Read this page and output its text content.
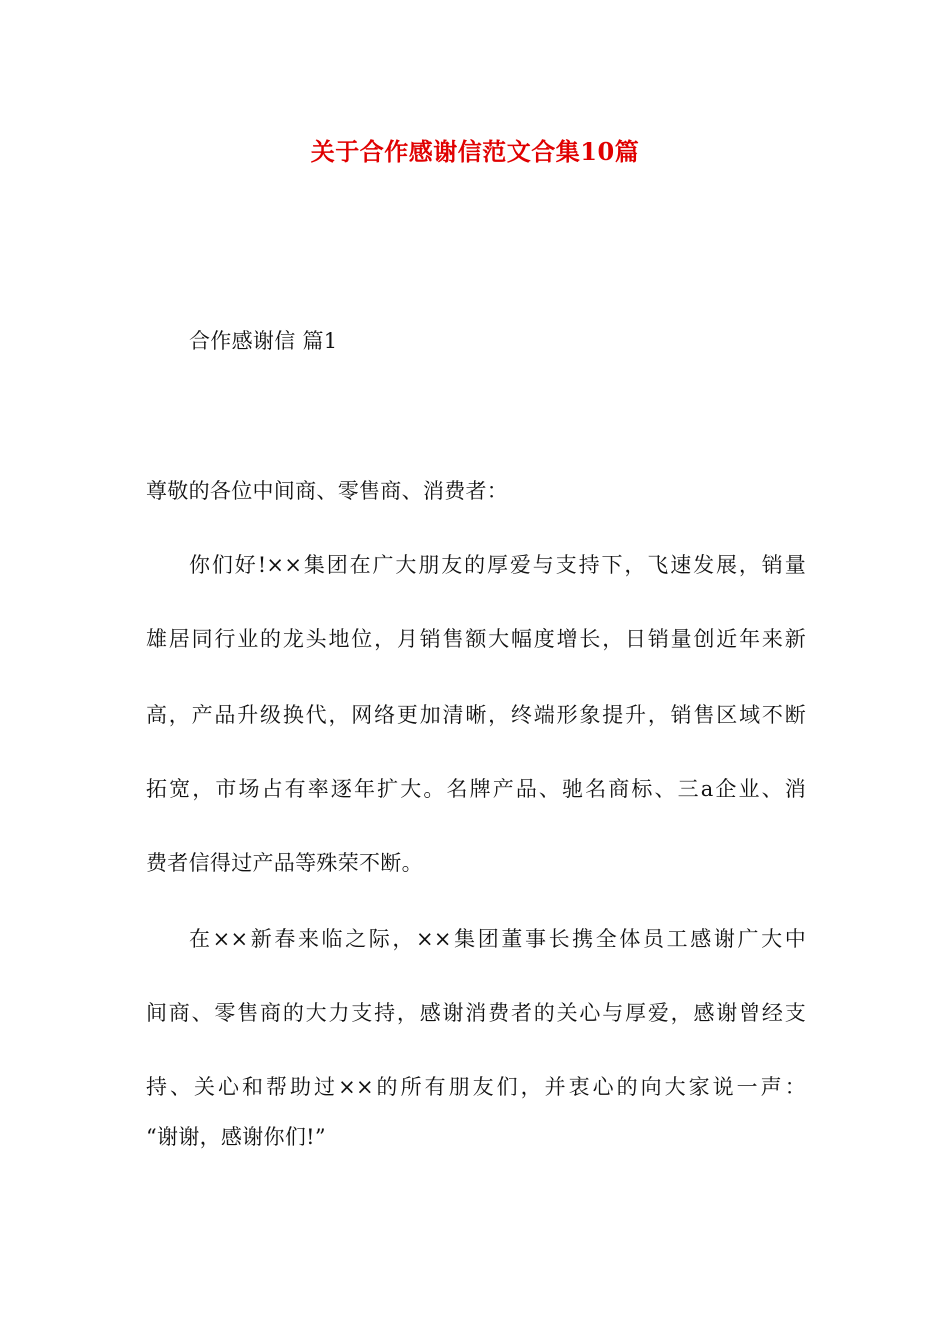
关于合作感谢信范文合集10篇
合作感谢信 篇1
尊敬的各位中间商、零售商、消费者：
你们好!××集团在广大朋友的厚爱与支持下，飞速发展，销量
雄居同行业的龙头地位，月销售额大幅度增长，日销量创近年来新
高，产品升级换代，网络更加清晰，终端形象提升，销售区域不断
拓宽，市场占有率逐年扩大。名牌产品、驰名商标、三a企业、消
费者信得过产品等殊荣不断。
在××新春来临之际，××集团董事长携全体员工感谢广大中
间商、零售商的大力支持，感谢消费者的关心与厚爱，感谢曾经支
持、关心和帮助过××的所有朋友们，并衷心的向大家说一声：
“谢谢，感谢你们!”
